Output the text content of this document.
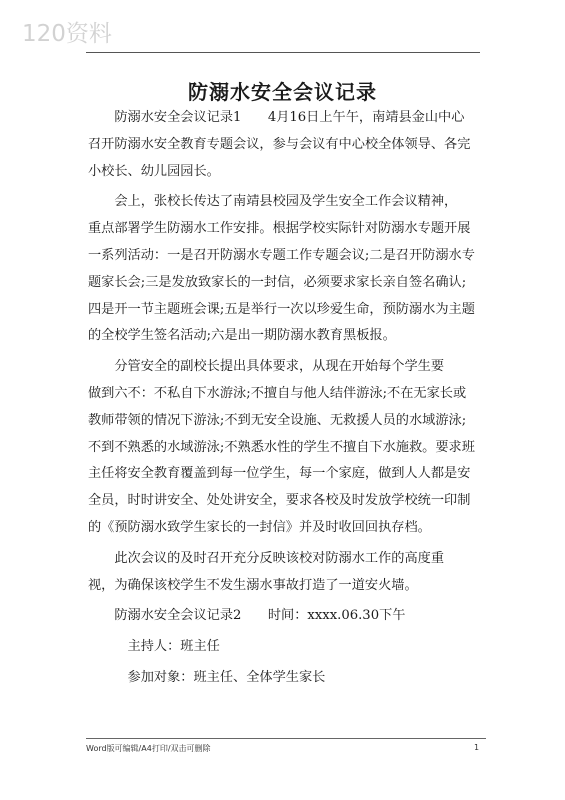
120资料
防溺水安全会议记录
　　防溺水安全会议记录1　　4月16日上午午，南靖县金山中心
召开防溺水安全教育专题会议，参与会议有中心校全体领导、各完
小校长、幼儿园园长。
　　会上，张校长传达了南靖县校园及学生安全工作会议精神，
重点部署学生防溺水工作安排。根据学校实际针对防溺水专题开展
一系列活动：一是召开防溺水专题工作专题会议;二是召开防溺水专
题家长会;三是发放致家长的一封信，必须要求家长亲自签名确认;
四是开一节主题班会课;五是举行一次以珍爱生命，预防溺水为主题
的全校学生签名活动;六是出一期防溺水教育黑板报。
　　分管安全的副校长提出具体要求，从现在开始每个学生要
做到六不：不私自下水游泳;不擅自与他人结伴游泳;不在无家长或
教师带领的情况下游泳;不到无安全设施、无救援人员的水域游泳;
不到不熟悉的水域游泳;不熟悉水性的学生不擅自下水施救。要求班
主任将安全教育覆盖到每一位学生，每一个家庭，做到人人都是安
全员，时时讲安全、处处讲安全，要求各校及时发放学校统一印制
的《预防溺水致学生家长的一封信》并及时收回回执存档。
　　此次会议的及时召开充分反映该校对防溺水工作的高度重
视，为确保该校学生不发生溺水事故打造了一道安火墙。
　　防溺水安全会议记录2　　时间：xxxx.06.30下午
　　　主持人：班主任
　　　参加对象：班主任、全体学生家长
Word版可编辑/A4打印/双击可删除	1
